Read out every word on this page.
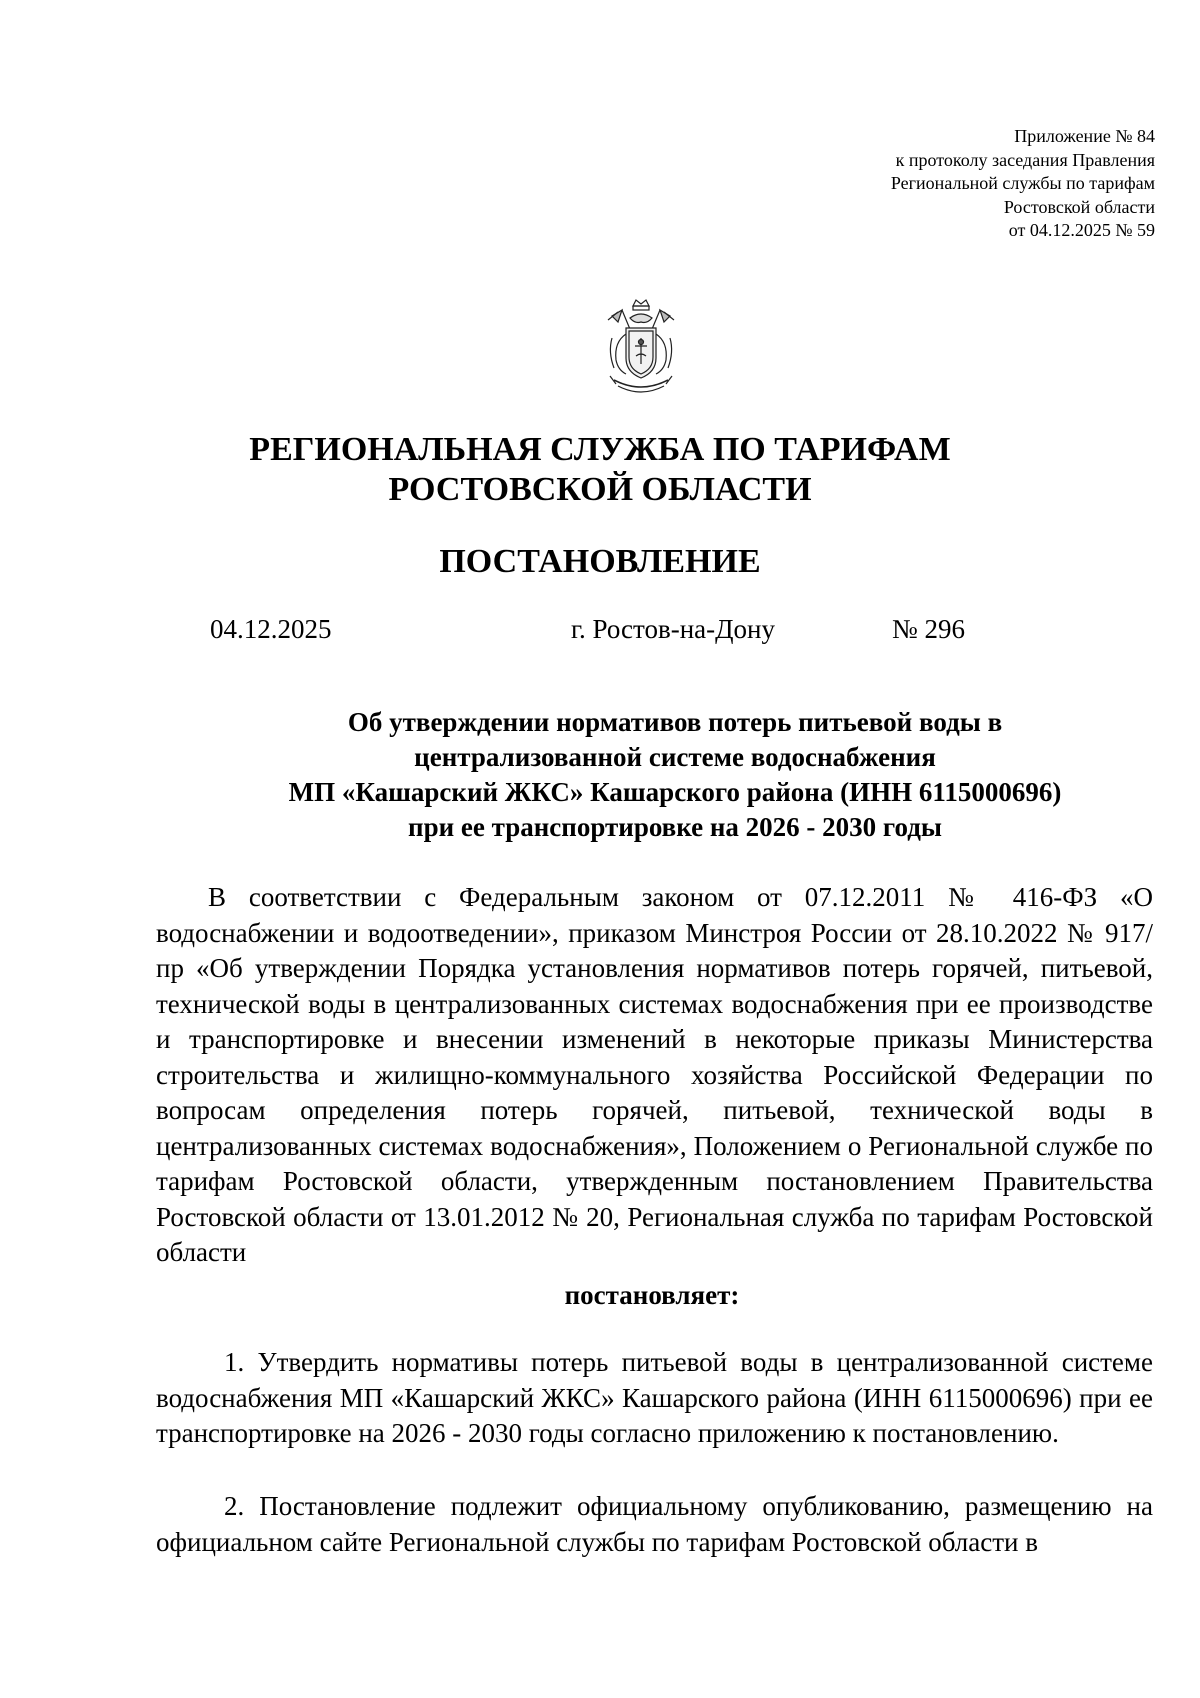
Приложение № 84
к протоколу заседания Правления
Региональной службы по тарифам
Ростовской области
от 04.12.2025 № 59
РЕГИОНАЛЬНАЯ СЛУЖБА ПО ТАРИФАМ
РОСТОВСКОЙ ОБЛАСТИ
ПОСТАНОВЛЕНИЕ
04.12.2025	г. Ростов-на-Дону	№ 296
Об утверждении нормативов потерь питьевой воды в
централизованной системе водоснабжения
МП «Кашарский ЖКС» Кашарского района (ИНН 6115000696)
при ее транспортировке на 2026 - 2030 годы

В соответствии с Федеральным законом от 07.12.2011 № 416-ФЗ «О водоснабжении и водоотведении», приказом Минстроя России от 28.10.2022 № 917/пр «Об утверждении Порядка установления нормативов потерь горячей, питьевой, технической воды в централизованных системах водоснабжения при ее производстве и транспортировке и внесении изменений в некоторые приказы Министерства строительства и жилищно-коммунального хозяйства Российской Федерации по вопросам определения потерь горячей, питьевой, технической воды в централизованных системах водоснабжения», Положением о Региональной службе по тарифам Ростовской области, утвержденным постановлением Правительства Ростовской области от 13.01.2012 № 20, Региональная служба по тарифам Ростовской области

постановляет:

1. Утвердить нормативы потерь питьевой воды в централизованной системе водоснабжения МП «Кашарский ЖКС» Кашарского района (ИНН 6115000696) при ее транспортировке на 2026 - 2030 годы согласно приложению к постановлению.

2. Постановление подлежит официальному опубликованию, размещению на официальном сайте Региональной службы по тарифам Ростовской области в
